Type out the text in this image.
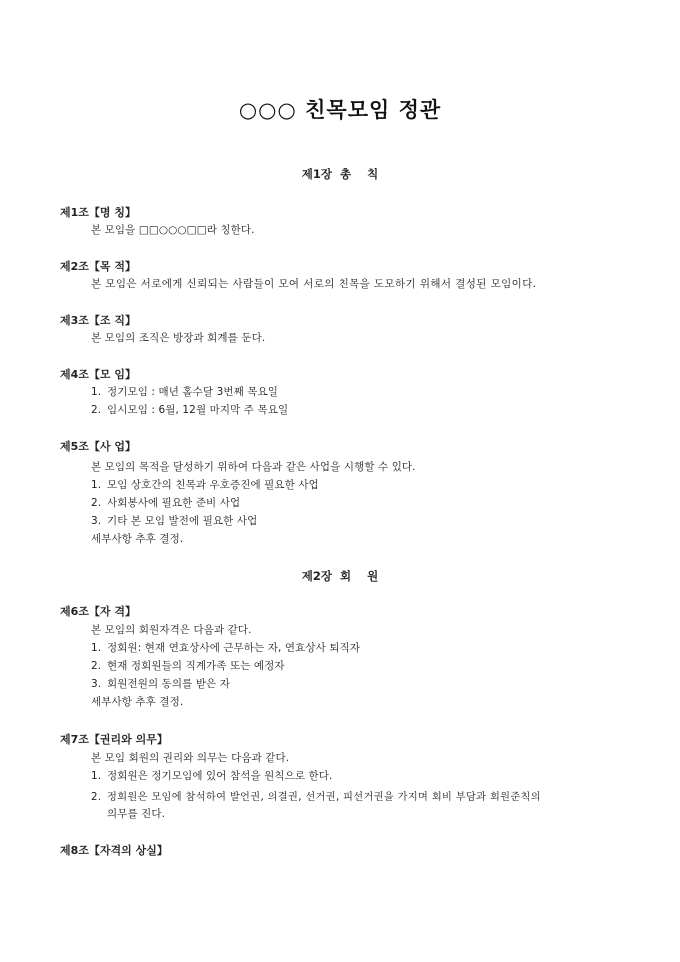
○○○ 친목모임 정관
제1장  총    칙
제1조【명 칭】
본 모임을 □□○○○□□라 칭한다.
제2조【목 적】
본 모임은 서로에게 신뢰되는 사람들이 모여 서로의 친목을 도모하기 위해서 결성된 모임이다.
제3조【조 직】
본 모임의 조직은 방장과 회계를 둔다.
제4조【모 임】
1. 정기모임 : 매년 홀수달 3번째 목요일
2. 임시모임 : 6월, 12월 마지막 주 목요일
제5조【사 업】
본 모임의 목적을 달성하기 위하여 다음과 같은 사업을 시행할 수 있다.
1. 모임 상호간의 친목과 우호증진에 필요한 사업
2. 사회봉사에 필요한 준비 사업
3. 기타 본 모임 발전에 필요한 사업
세부사항 추후 결정.
제2장  회    원
제6조【자 격】
본 모임의 회원자격은 다음과 같다.
1. 정회원: 현재 연효상사에 근무하는 자, 연효상사 퇴직자
2. 현재 정회원들의 직계가족 또는 예정자
3. 회원전원의 동의를 받은 자
세부사항 추후 결정.
제7조【권리와 의무】
본 모임 회원의 권리와 의무는 다음과 같다.
1. 정회원은 정기모임에 있어 참석을 원칙으로 한다.
2. 정회원은 모임에 참석하여 발언권, 의결권, 선거권, 피선거권을 가지며 회비 부담과 회원준칙의
의무를 진다.
제8조【자격의 상실】
